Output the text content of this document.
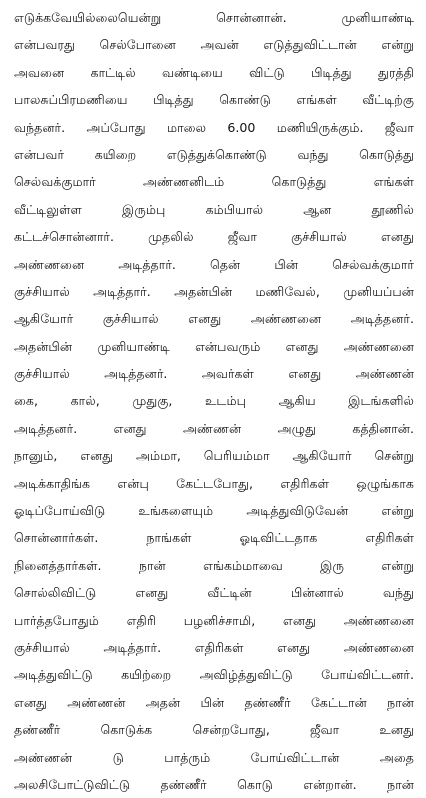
எடுக்கவேயில்லையென்று சொன்னான். முனியாண்டி
என்பவரது செல்போனை அவன் எடுத்துவிட்டான் என்று
அவனை காட்டில் வண்டியை விட்டு பிடித்து துரத்தி
பாலசுப்பிரமணியை பிடித்து கொண்டு எங்கள் வீட்டிற்கு
வந்தனர். அப்போது மாலை 6.00 மணியிருக்கும். ஜீவா
என்பவர் கயிறை எடுத்துக்கொண்டு வந்து கொடுத்து
செல்வக்குமார் அண்ணனிடம் கொடுத்து எங்கள்
வீட்டிலுள்ள இரும்பு கம்பியால் ஆன தூணில்
கட்டச்சொன்னார். முதலில் ஜீவா குச்சியால் எனது
அண்ணனை அடித்தார். தென் பின் செல்வக்குமார்
குச்சியால் அடித்தார். அதன்பின் மணிவேல், முனியப்பன்
ஆகியோர் குச்சியால் எனது அண்ணனை அடித்தனர்.
அதன்பின் முனியாண்டி என்பவரும் எனது அண்ணனை
குச்சியால் அடித்தனர். அவர்கள் எனது அண்ணன்
கை, கால், முதுகு, உடம்பு ஆகிய இடங்களில்
அடித்தனர். எனது அண்ணன் அழுது கத்தினான்.
நானும், எனது அம்மா, பெரியம்மா ஆகியோர் சென்று
அடிக்காதிங்க என்பு கேட்டபோது, எதிரிகள் ஒழுங்காக
ஓடிப்போய்விடு உங்களையும் அடித்துவிடுவேன் என்று
சொன்னார்கள். நாங்கள் ஓடிவிட்டதாக எதிரிகள்
நினைத்தார்கள். நான் எங்கம்மாவை இரு என்று
சொல்லிவிட்டு எனது வீட்டின் பின்னால் வந்து
பார்த்தபோதும் எதிரி பழனிச்சாமி, எனது அண்ணனை
குச்சியால் அடித்தார். எதிரிகள் எனது அண்ணனை
அடித்துவிட்டு கயிற்றை அவிழ்த்துவிட்டு போய்விட்டனர்.
எனது அண்ணன் அதன் பின் தண்ணீர் கேட்டான் நான்
தண்ணீர் கொடுக்க சென்றபோது, ஜீவா உனது
அண்ணன் டு பாத்ரும் போய்விட்டான் அதை
அலசிபோட்டுவிட்டு தண்ணீர் கொடு என்றான். நான்
